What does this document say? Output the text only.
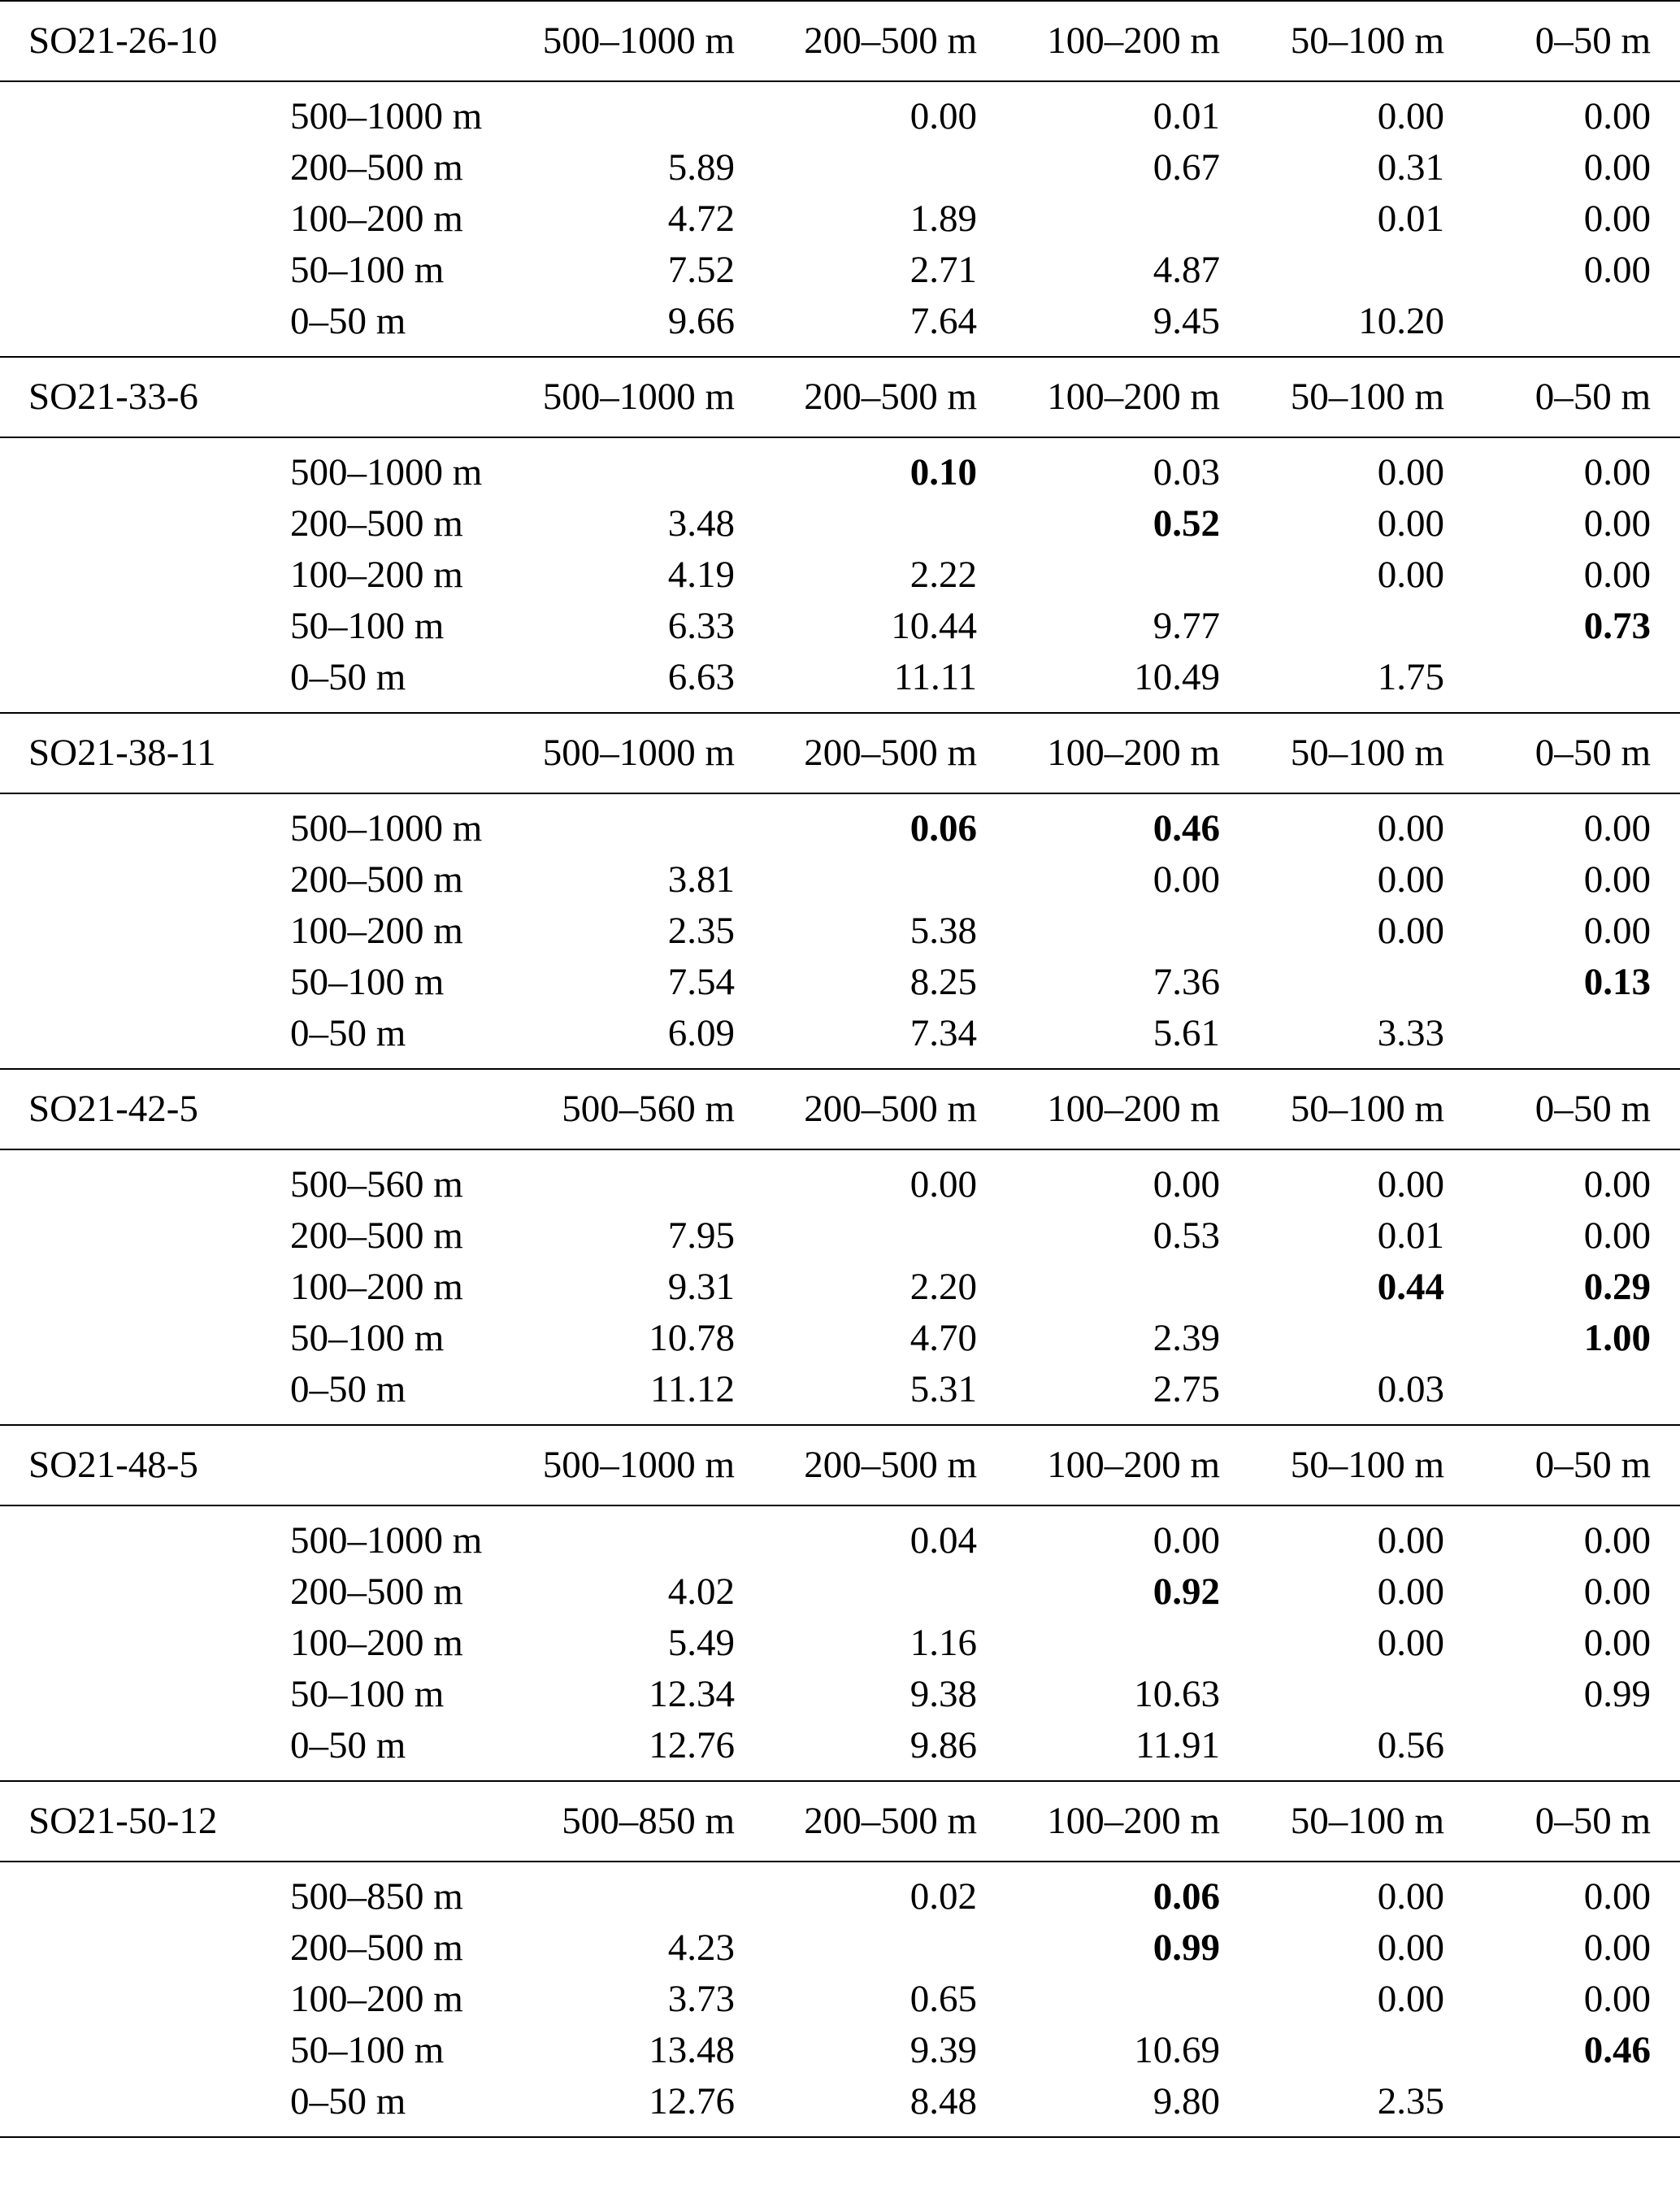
SO21-26-10		500–1000 m	200–500 m	100–200 m	50–100 m	0–50 m

	500–1000 m		0.00	0.01	0.00	0.00
	200–500 m	5.89		0.67	0.31	0.00
	100–200 m	4.72	1.89		0.01	0.00
	50–100 m	7.52	2.71	4.87		0.00
	0–50 m	9.66	7.64	9.45	10.20	

SO21-33-6		500–1000 m	200–500 m	100–200 m	50–100 m	0–50 m

	500–1000 m		0.10	0.03	0.00	0.00
	200–500 m	3.48		0.52	0.00	0.00
	100–200 m	4.19	2.22		0.00	0.00
	50–100 m	6.33	10.44	9.77		0.73
	0–50 m	6.63	11.11	10.49	1.75	

SO21-38-11		500–1000 m	200–500 m	100–200 m	50–100 m	0–50 m

	500–1000 m		0.06	0.46	0.00	0.00
	200–500 m	3.81		0.00	0.00	0.00
	100–200 m	2.35	5.38		0.00	0.00
	50–100 m	7.54	8.25	7.36		0.13
	0–50 m	6.09	7.34	5.61	3.33	

SO21-42-5		500–560 m	200–500 m	100–200 m	50–100 m	0–50 m

	500–560 m		0.00	0.00	0.00	0.00
	200–500 m	7.95		0.53	0.01	0.00
	100–200 m	9.31	2.20		0.44	0.29
	50–100 m	10.78	4.70	2.39		1.00
	0–50 m	11.12	5.31	2.75	0.03	

SO21-48-5		500–1000 m	200–500 m	100–200 m	50–100 m	0–50 m

	500–1000 m		0.04	0.00	0.00	0.00
	200–500 m	4.02		0.92	0.00	0.00
	100–200 m	5.49	1.16		0.00	0.00
	50–100 m	12.34	9.38	10.63		0.99
	0–50 m	12.76	9.86	11.91	0.56	

SO21-50-12		500–850 m	200–500 m	100–200 m	50–100 m	0–50 m

	500–850 m		0.02	0.06	0.00	0.00
	200–500 m	4.23		0.99	0.00	0.00
	100–200 m	3.73	0.65		0.00	0.00
	50–100 m	13.48	9.39	10.69		0.46
	0–50 m	12.76	8.48	9.80	2.35	
